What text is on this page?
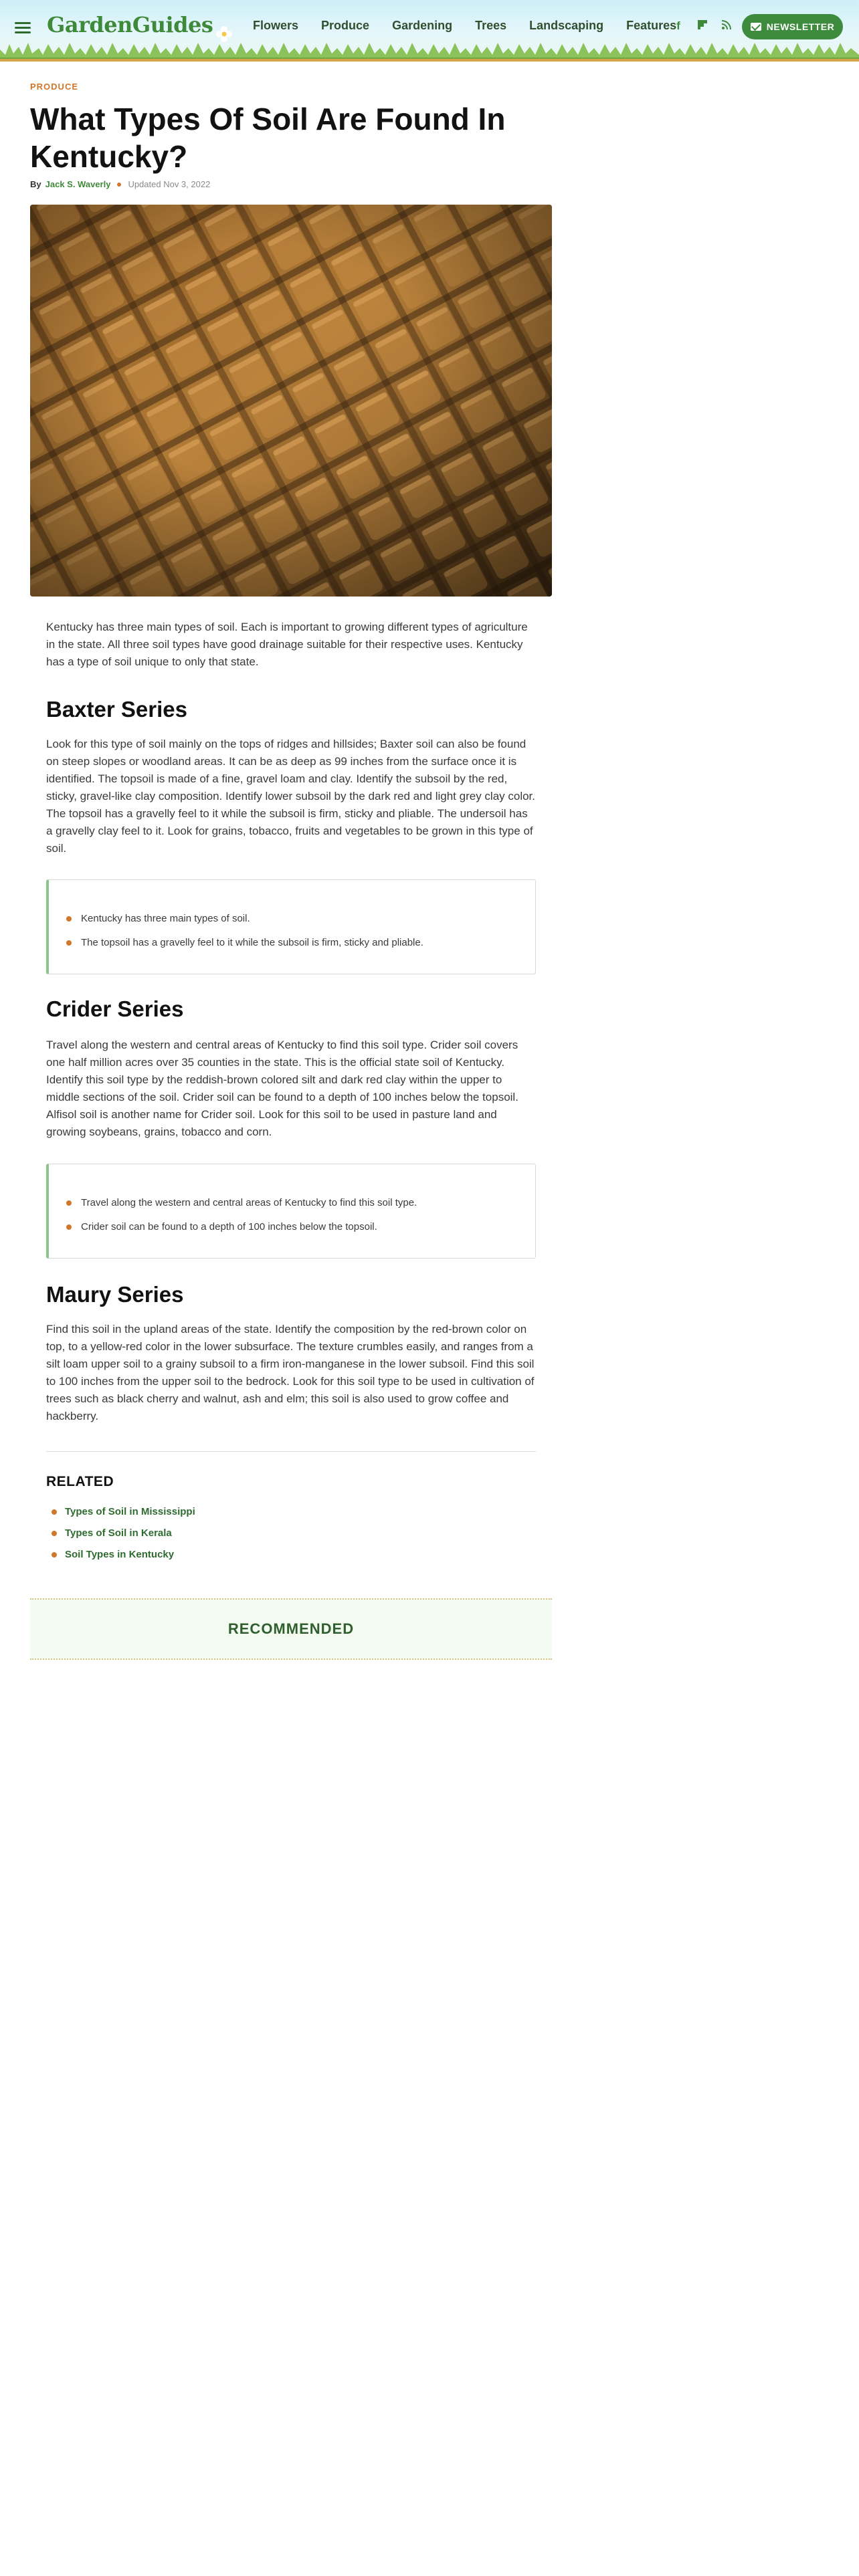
GardenGuides	Flowers Produce Gardening Trees Landscaping Features f	NEWSLETTER
PRODUCE
What Types Of Soil Are Found In Kentucky?
By Jack S. Waverly Updated Nov 3, 2022

Kentucky has three main types of soil. Each is important to growing different types of agriculture in the state. All three soil types have good drainage suitable for their respective uses. Kentucky has a type of soil unique to only that state.

Baxter Series

Look for this type of soil mainly on the tops of ridges and hillsides; Baxter soil can also be found on steep slopes or woodland areas. It can be as deep as 99 inches from the surface once it is identified. The topsoil is made of a fine, gravel loam and clay. Identify the subsoil by the red, sticky, gravel-like clay composition. Identify lower subsoil by the dark red and light grey clay color. The topsoil has a gravelly feel to it while the subsoil is firm, sticky and pliable. The undersoil has a gravelly clay feel to it. Look for grains, tobacco, fruits and vegetables to be grown in this type of soil.

Kentucky has three main types of soil.
The topsoil has a gravelly feel to it while the subsoil is firm, sticky and pliable.
Crider Series

Travel along the western and central areas of Kentucky to find this soil type. Crider soil covers one half million acres over 35 counties in the state. This is the official state soil of Kentucky. Identify this soil type by the reddish-brown colored silt and dark red clay within the upper to middle sections of the soil. Crider soil can be found to a depth of 100 inches below the topsoil. Alfisol soil is another name for Crider soil. Look for this soil to be used in pasture land and growing soybeans, grains, tobacco and corn.

Travel along the western and central areas of Kentucky to find this soil type.
Crider soil can be found to a depth of 100 inches below the topsoil.
Maury Series

Find this soil in the upland areas of the state. Identify the composition by the red-brown color on top, to a yellow-red color in the lower subsurface. The texture crumbles easily, and ranges from a silt loam upper soil to a grainy subsoil to a firm iron-manganese in the lower subsoil. Find this soil to 100 inches from the upper soil to the bedrock. Look for this soil type to be used in cultivation of trees such as black cherry and walnut, ash and elm; this soil is also used to grow coffee and hackberry.

RELATED
Types of Soil in Mississippi
Types of Soil in Kerala
Soil Types in Kentucky
RECOMMENDED
